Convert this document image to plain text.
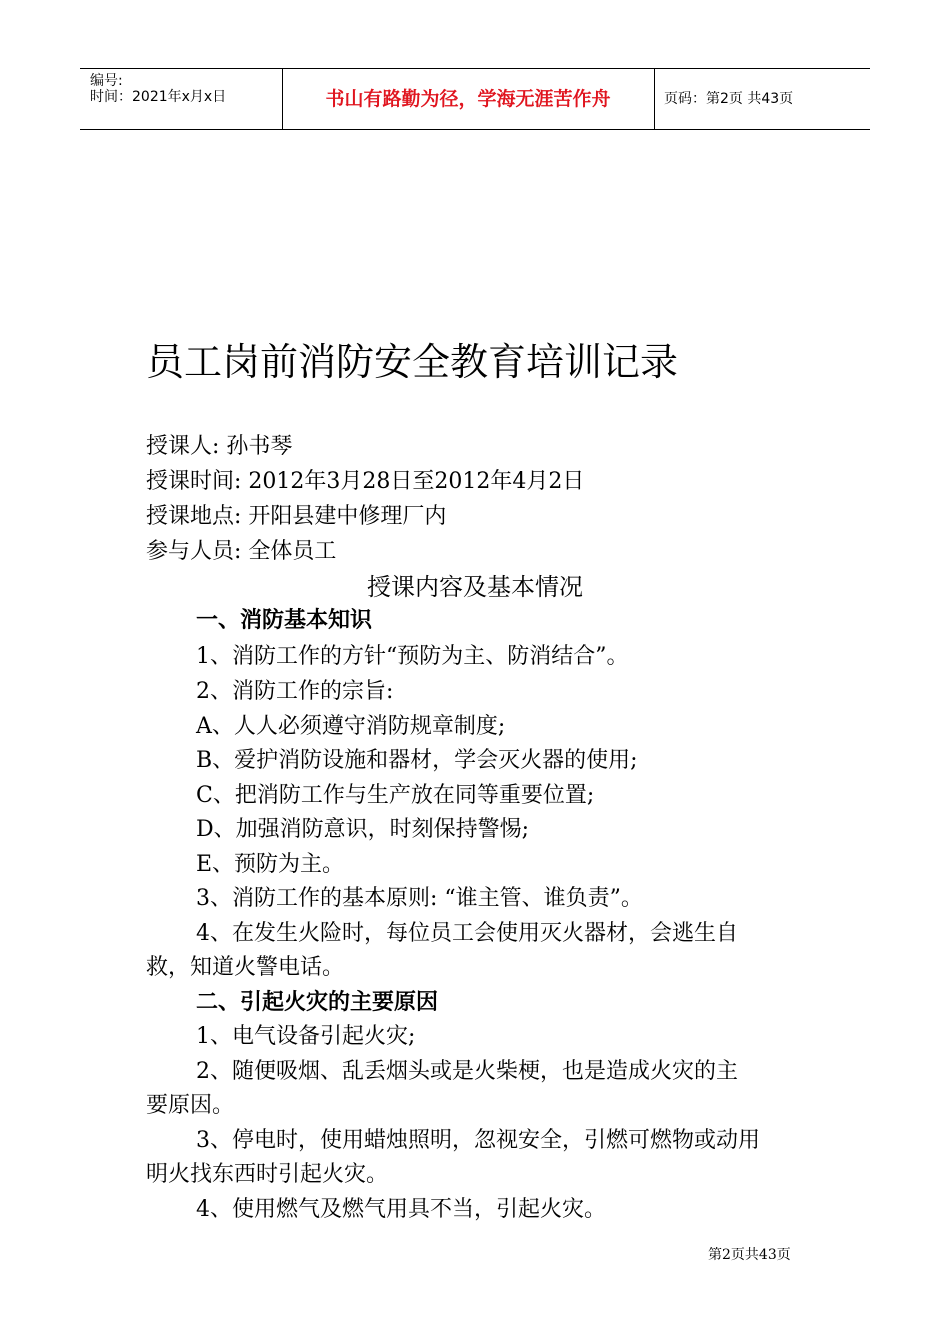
编号:
时间：2021年x月x日	书山有路勤为径，学海无涯苦作舟	页码：第2页 共43页
员工岗前消防安全教育培训记录
授课人: 孙书琴
授课时间: 2012年3月28日至2012年4月2日
授课地点: 开阳县建中修理厂内
参与人员: 全体员工
授课内容及基本情况
一、消防基本知识
1、消防工作的方针“预防为主、防消结合”。
2、消防工作的宗旨:
A、人人必须遵守消防规章制度;
B、爱护消防设施和器材，学会灭火器的使用;
C、把消防工作与生产放在同等重要位置;
D、加强消防意识，时刻保持警惕;
E、预防为主。
3、消防工作的基本原则: “谁主管、谁负责”。
4、在发生火险时，每位员工会使用灭火器材，会逃生自
救，知道火警电话。
二、引起火灾的主要原因
1、电气设备引起火灾;
2、随便吸烟、乱丢烟头或是火柴梗，也是造成火灾的主
要原因。
3、停电时，使用蜡烛照明，忽视安全，引燃可燃物或动用
明火找东西时引起火灾。
4、使用燃气及燃气用具不当，引起火灾。
第2页共43页
